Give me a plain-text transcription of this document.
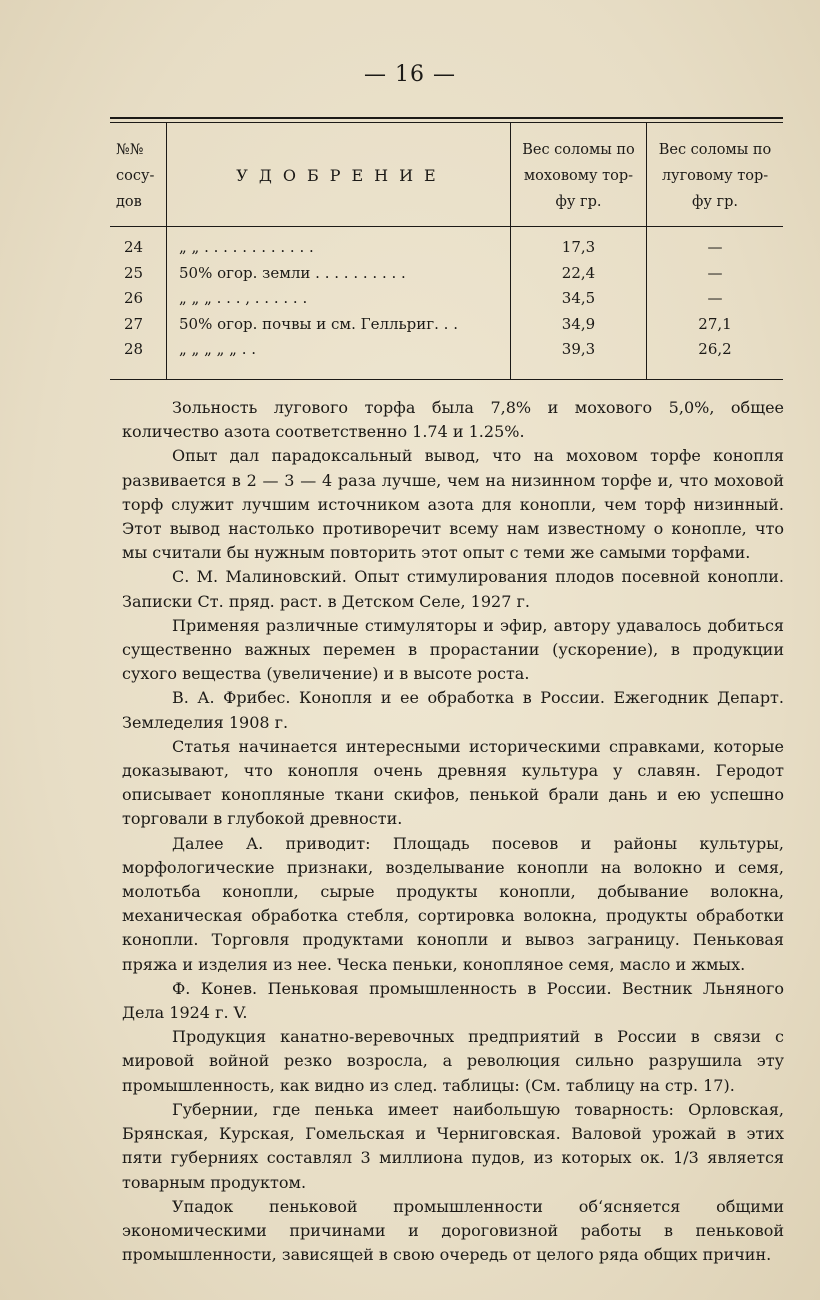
— 16 —
№№
сосу-
дов
УДОБРЕНИЕ
Вес соломы по
моховому тор-
фу гр.
Вес соломы по
луговому тор-
фу гр.
24
25
26
27
28
„ „ . . . . . . . . . . . .
50% огор. земли . . . . . . . . . .
„ „ „ . . . , . . . . . .
50% огор. почвы и см. Гелльриг. . .
„ „ „ „ „ . .
17,3
22,4
34,5
34,9
39,3
—
—
—
27,1
26,2

Зольность лугового торфа была 7,8% и мохового 5,0%, общее количество азота соответственно 1.74 и 1.25%.

Опыт дал парадоксальный вывод, что на моховом торфе конопля развивается в 2 — 3 — 4 раза лучше, чем на низинном торфе и, что моховой торф служит лучшим источником азота для конопли, чем торф низинный. Этот вывод настолько противоречит всему нам известному о конопле, что мы считали бы нужным повторить этот опыт с теми же самыми торфами.

С. М. Малиновский. Опыт стимулирования плодов посевной конопли. Записки Ст. пряд. раст. в Детском Селе, 1927 г.

Применяя различные стимуляторы и эфир, автору удавалось добиться существенно важных перемен в прорастании (ускорение), в продукции сухого вещества (увеличение) и в высоте роста.

В. А. Фрибес. Конопля и ее обработка в России. Ежегодник Департ. Земледелия 1908 г.

Статья начинается интересными историческими справками, которые доказывают, что конопля очень древняя культура у славян. Геродот описывает конопляные ткани скифов, пенькой брали дань и ею успешно торговали в глубокой древности.

Далее А. приводит: Площадь посевов и районы культуры, морфологические признаки, возделывание конопли на волокно и семя, молотьба конопли, сырые продукты конопли, добывание волокна, механическая обработка стебля, сортировка волокна, продукты обработки конопли. Торговля продуктами конопли и вывоз заграницу. Пеньковая пряжа и изделия из нее. Ческа пеньки, конопляное семя, масло и жмых.

Ф. Конев. Пеньковая промышленность в России. Вестник Льняного Дела 1924 г. V.

Продукция канатно-веревочных предприятий в России в связи с мировой войной резко возросла, а революция сильно разрушила эту промышленность, как видно из след. таблицы: (См. таблицу на стр. 17).

Губернии, где пенька имеет наибольшую товарность: Орловская, Брянская, Курская, Гомельская и Черниговская. Валовой урожай в этих пяти губерниях составлял 3 миллиона пудов, из которых ок. 1/3 является товарным продуктом.

Упадок пеньковой промышленности об‘ясняется общими экономическими причинами и дороговизной работы в пеньковой промышленности, зависящей в свою очередь от целого ряда общих причин.
